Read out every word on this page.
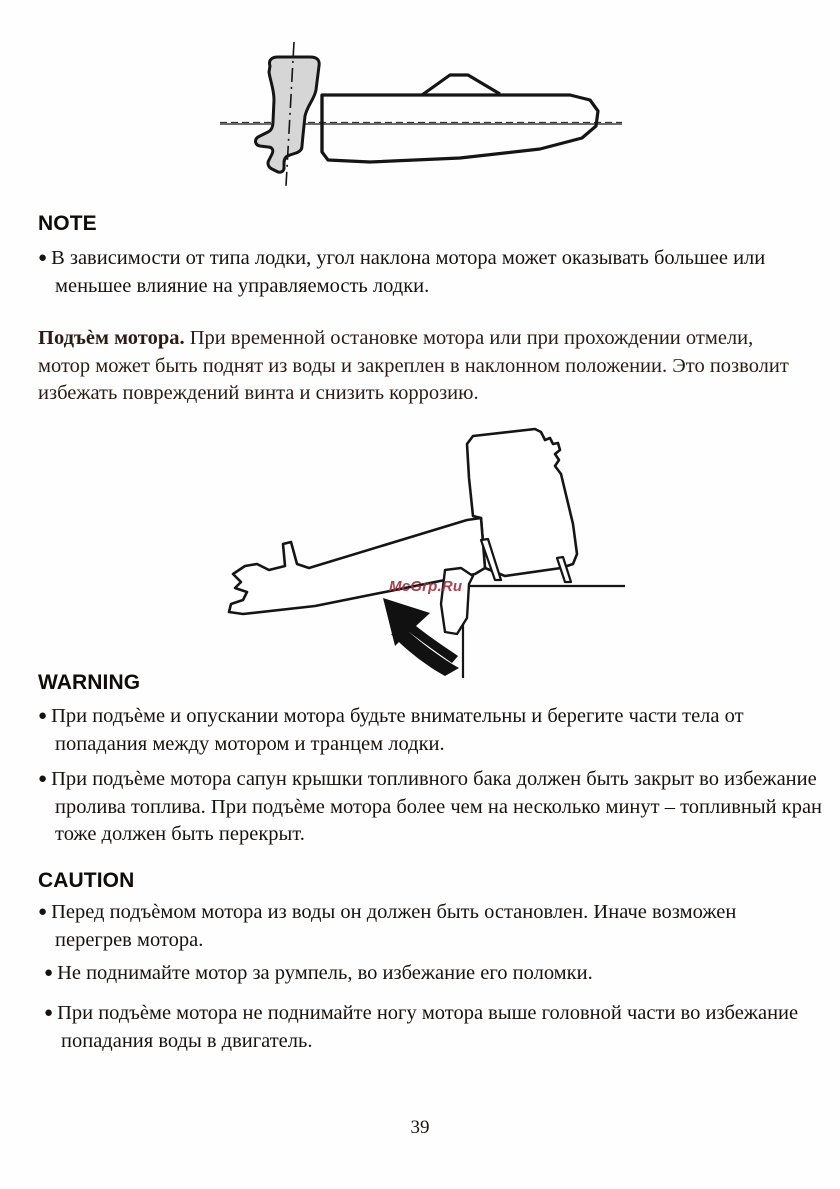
McGrp.Ru
NOTE

● В зависимости от типа лодки, угол наклона мотора может оказывать большее или меньшее влияние на управляемость лодки.

Подъѐм мотора. При временной остановке мотора или при прохождении отмели, мотор может быть поднят из воды и закреплен в наклонном положении. Это позволит избежать повреждений винта и снизить коррозию.

WARNING

● При подъѐме и опускании мотора будьте внимательны и берегите части тела от попадания между мотором и транцем лодки.

● При подъѐме мотора сапун крышки топливного бака должен быть закрыт во избежание пролива топлива. При подъѐме мотора более чем на несколько минут – топливный кран тоже должен быть перекрыт.

CAUTION

● Перед подъѐмом мотора из воды он должен быть остановлен. Иначе возможен перегрев мотора.

● Не поднимайте мотор за румпель, во избежание его поломки.

● При подъѐме мотора не поднимайте ногу мотора выше головной части во избежание попадания воды в двигатель.

39
